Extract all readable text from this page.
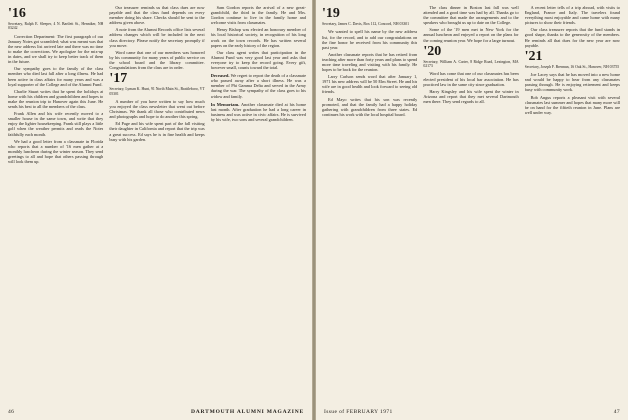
'16
Secretary, Ralph E. Sleeper, 4 N. Bartlett St., Henniker, NH 03242

Correction Department: The first paragraph of our January Notes got scrambled; what was meant was that the new address list arrived late and there was no time to make the corrections. We apologize for the mix-up in dates, and we shall try to keep better track of them in the future.

Our sympathy goes to the family of the class member who died last fall after a long illness. He had been active in class affairs for many years and was a loyal supporter of the College and of the Alumni Fund.

Charlie Stuart writes that he spent the holidays at home with his children and grandchildren and hopes to make the reunion trip to Hanover again this June. He sends his best to all the members of the class.

Frank Allen and his wife recently moved to a smaller house in the same town, and write that they enjoy the lighter housekeeping. Frank still plays a little golf when the weather permits and reads the Notes faithfully each month.

We had a good letter from a classmate in Florida who reports that a number of '16 men gather at a monthly luncheon during the winter season. They send greetings to all and hope that others passing through will look them up.

Our treasurer reminds us that class dues are now payable and that the class fund depends on every member doing his share. Checks should be sent to the address given above.

A note from the Alumni Records office lists several address changes which will be included in the next class directory. Please notify the secretary promptly if you move.

Word came that one of our members was honored by his community for many years of public service on the school board and the library committee. Congratulations from the class are in order.

'17
Secretary, Lyman K. Hunt, 91 North Main St., Brattleboro, VT 05301

A number of you have written to say how much you enjoyed the class newsletter that went out before Christmas. We thank all those who contributed news and photographs and hope to do another this spring.

Ed Page and his wife spent part of the fall visiting their daughter in California and report that the trip was a great success. Ed says he is in fine health and keeps busy with his garden.

Sam Gordon reports the arrival of a new great-grandchild, the third in the family. He and Mrs. Gordon continue to live in the family home and welcome visits from classmates.

Henry Bishop was elected an honorary member of his local historical society, in recognition of his long work on the town records. He has written several papers on the early history of the region.

Our class agent writes that participation in the Alumni Fund was very good last year and asks that everyone try to keep the record going. Every gift, however small, counts toward the total.

Deceased. We regret to report the death of a classmate who passed away after a short illness. He was a member of Phi Gamma Delta and served in the Army during the war. The sympathy of the class goes to his widow and family.
In Memoriam. Another classmate died at his home last month. After graduation he had a long career in business and was active in civic affairs. He is survived by his wife, two sons and several grandchildren.
46	DARTMOUTH ALUMNI MAGAZINE
'19
Secretary, James C. Davis, Box 112, Concord, NH 03301

We wanted to spell his name by the new address list, for the record, and to add our congratulations on the fine honor he received from his community this past year.

Another classmate reports that he has retired from teaching after more than forty years and plans to spend more time traveling and visiting with his family. He hopes to be back for the reunion.

Larry Carlson sends word that after January 1, 1971 his new address will be 50 Elm Street. He and his wife are in good health and look forward to seeing old friends.

Ed Mayo writes that his son was recently promoted, and that the family had a happy holiday gathering with grandchildren from three states. Ed continues his work with the local hospital board.

The class dinner in Boston last fall was well attended and a good time was had by all. Thanks go to the committee that made the arrangements and to the speakers who brought us up to date on the College.

Some of the '19 men met in New York for the annual luncheon and enjoyed a report on the plans for the coming reunion year. We hope for a large turnout.

'20
Secretary, William A. Carter, 8 Ridge Road, Lexington, MA 02173

Word has come that one of our classmates has been elected president of his local bar association. He has practiced law in the same city since graduation.

Harry Kingsley and his wife spent the winter in Arizona and report that they met several Dartmouth men there. They send regards to all.

A recent letter tells of a trip abroad, with visits to England, France and Italy. The travelers found everything most enjoyable and came home with many pictures to show their friends.

Our class treasurer reports that the fund stands in good shape, thanks to the generosity of the members. He reminds all that dues for the new year are now payable.

'21
Secretary, Joseph F. Brennan, 16 Oak St., Hanover, NH 03755

Joe Lacey says that he has moved into a new home and would be happy to hear from any classmates passing through. He is enjoying retirement and keeps busy with community work.

Bob Angus reports a pleasant visit with several classmates last summer and hopes that many more will be on hand for the fiftieth reunion in June. Plans are well under way.

Issue of FEBRUARY 1971	47
